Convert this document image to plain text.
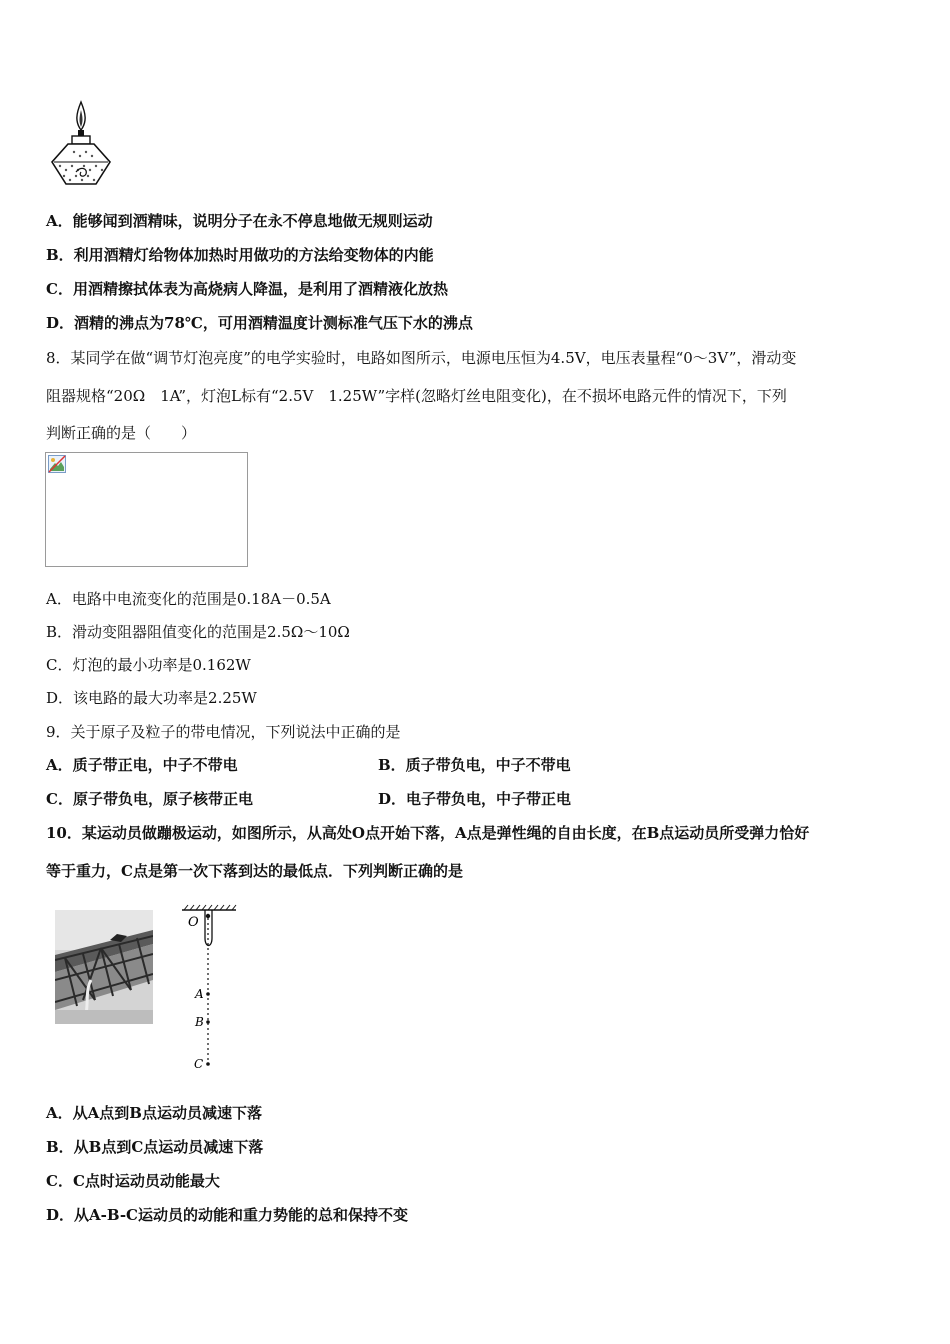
A．能够闻到酒精味，说明分子在永不停息地做无规则运动
B．利用酒精灯给物体加热时用做功的方法给变物体的内能
C．用酒精擦拭体表为高烧病人降温，是利用了酒精液化放热
D．酒精的沸点为78℃，可用酒精温度计测标准气压下水的沸点
8．某同学在做“调节灯泡亮度”的电学实验时，电路如图所示，电源电压恒为4.5V，电压表量程“0～3V”，滑动变
阻器规格“20Ω　1A”，灯泡L标有“2.5V　1.25W”字样(忽略灯丝电阻变化)，在不损坏电路元件的情况下，下列
判断正确的是（　　）
A．电路中电流变化的范围是0.18A－0.5A
B．滑动变阻器阻值变化的范围是2.5Ω～10Ω
C．灯泡的最小功率是0.162W
D．该电路的最大功率是2.25W
9．关于原子及粒子的带电情况，下列说法中正确的是
A．质子带正电，中子不带电	B．质子带负电，中子不带电
C．原子带负电，原子核带正电	D．电子带负电，中子带正电
10．某运动员做蹦极运动，如图所示，从高处O点开始下落，A点是弹性绳的自由长度，在B点运动员所受弹力恰好
等于重力，C点是第一次下落到达的最低点．下列判断正确的是
O
A
B
C
A．从A点到B点运动员减速下落
B．从B点到C点运动员减速下落
C．C点时运动员动能最大
D．从A-B-C运动员的动能和重力势能的总和保持不变
